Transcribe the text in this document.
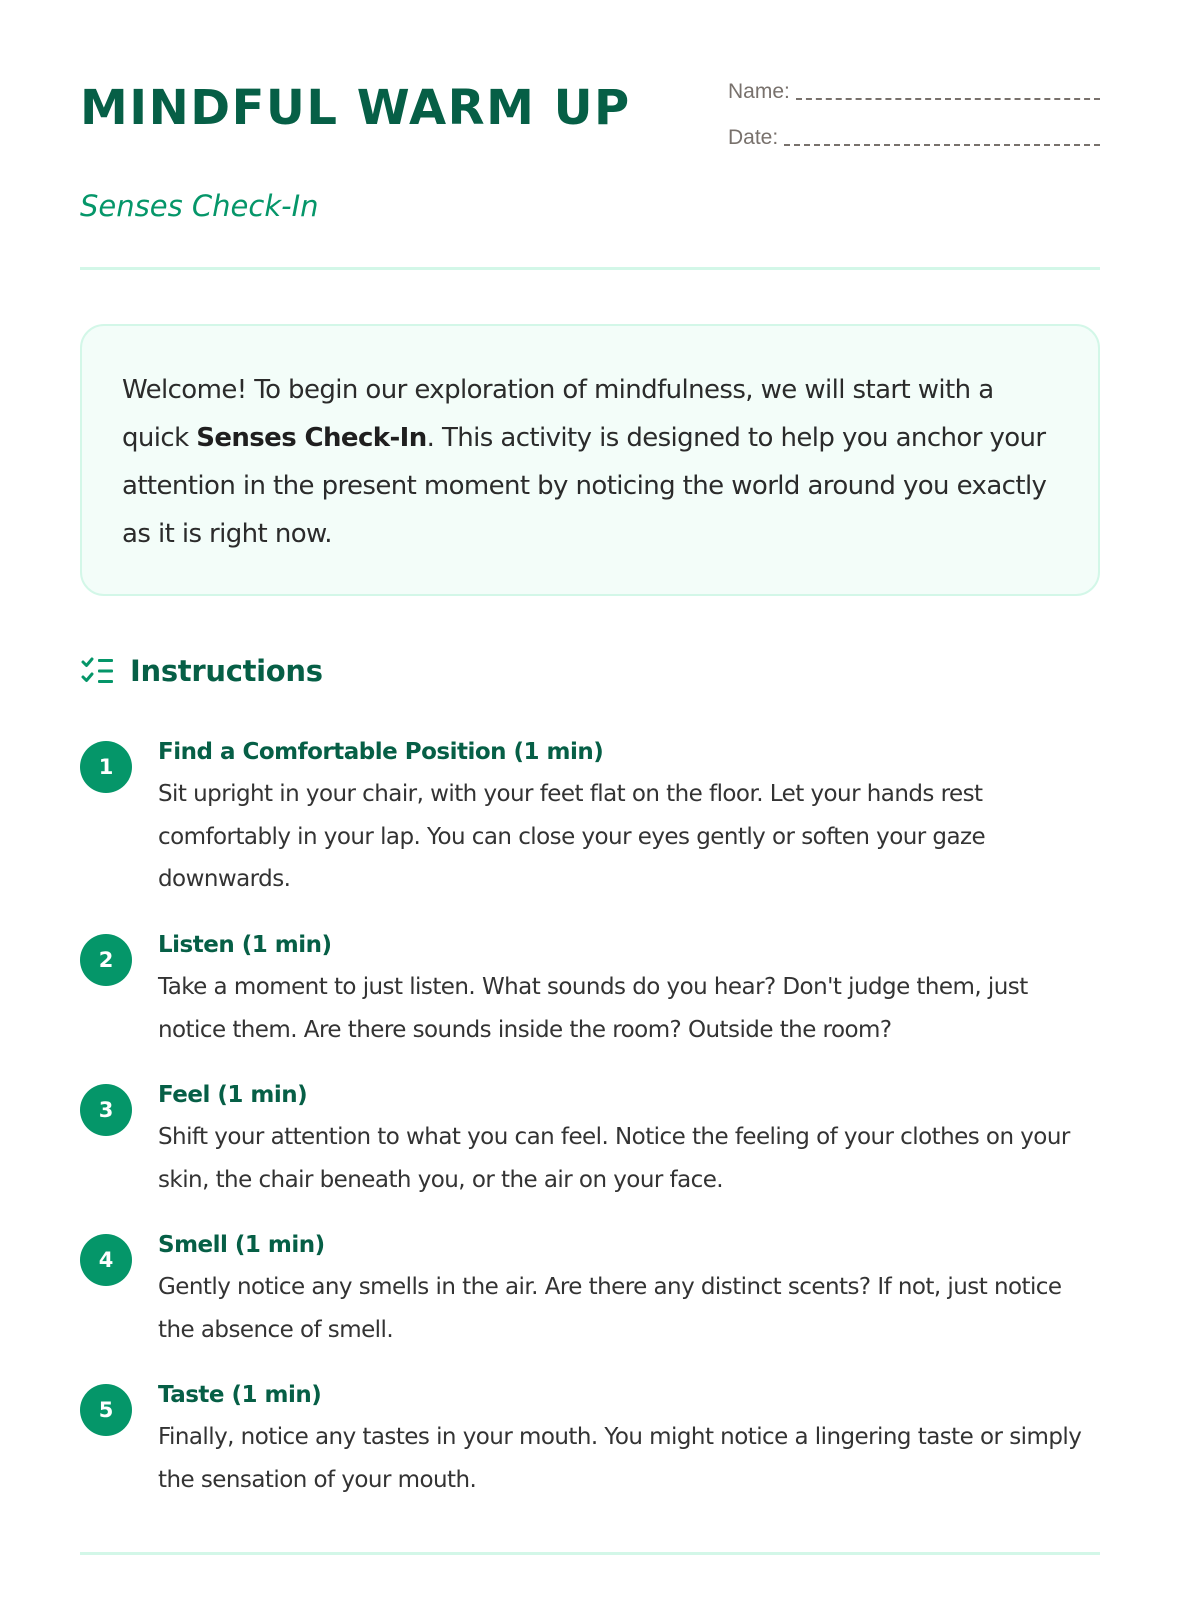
MINDFUL WARM UP
Senses Check-In
Name:
Date:

Welcome! To begin our exploration of mindfulness, we will start with a quick Senses Check-In. This activity is designed to help you anchor your attention in the present moment by noticing the world around you exactly as it is right now.

Instructions
1
Find a Comfortable Position (1 min)

Sit upright in your chair, with your feet flat on the floor. Let your hands rest comfortably in your lap. You can close your eyes gently or soften your gaze downwards.

2
Listen (1 min)

Take a moment to just listen. What sounds do you hear? Don't judge them, just notice them. Are there sounds inside the room? Outside the room?

3
Feel (1 min)

Shift your attention to what you can feel. Notice the feeling of your clothes on your skin, the chair beneath you, or the air on your face.

4
Smell (1 min)

Gently notice any smells in the air. Are there any distinct scents? If not, just notice the absence of smell.

5
Taste (1 min)

Finally, notice any tastes in your mouth. You might notice a lingering taste or simply the sensation of your mouth.
